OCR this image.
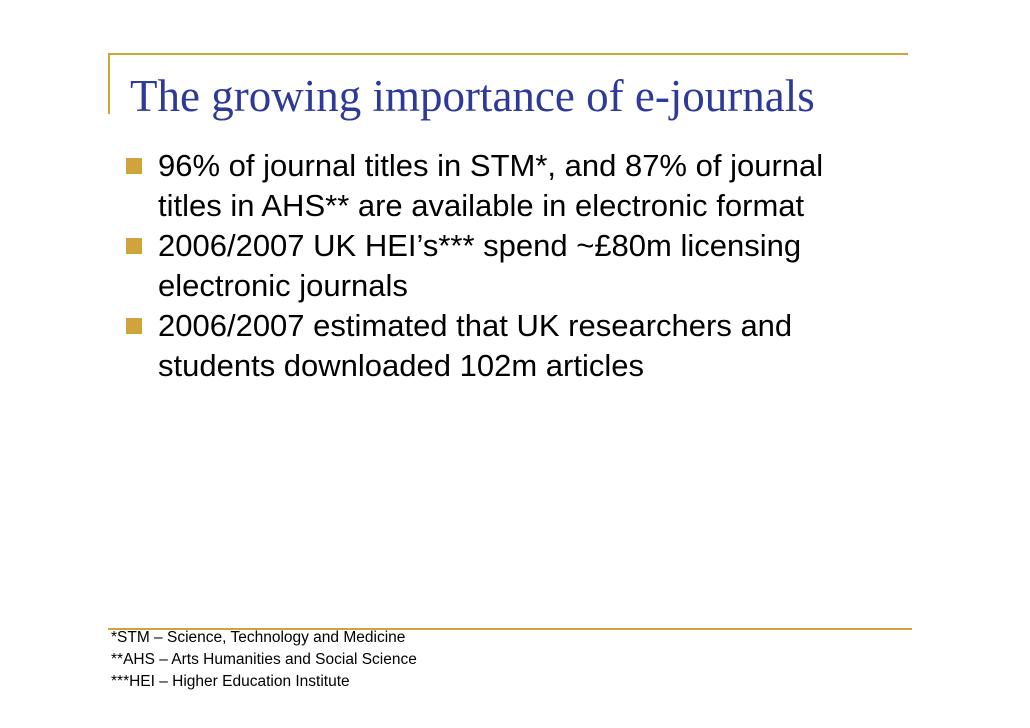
The growing importance of e-journals
96% of journal titles in STM*, and 87% of journal titles in AHS** are available in electronic format
2006/2007 UK HEI’s*** spend ~£80m licensing electronic journals
2006/2007 estimated that UK researchers and students downloaded 102m articles
*STM – Science, Technology and Medicine
**AHS – Arts Humanities and Social Science
***HEI – Higher Education Institute
